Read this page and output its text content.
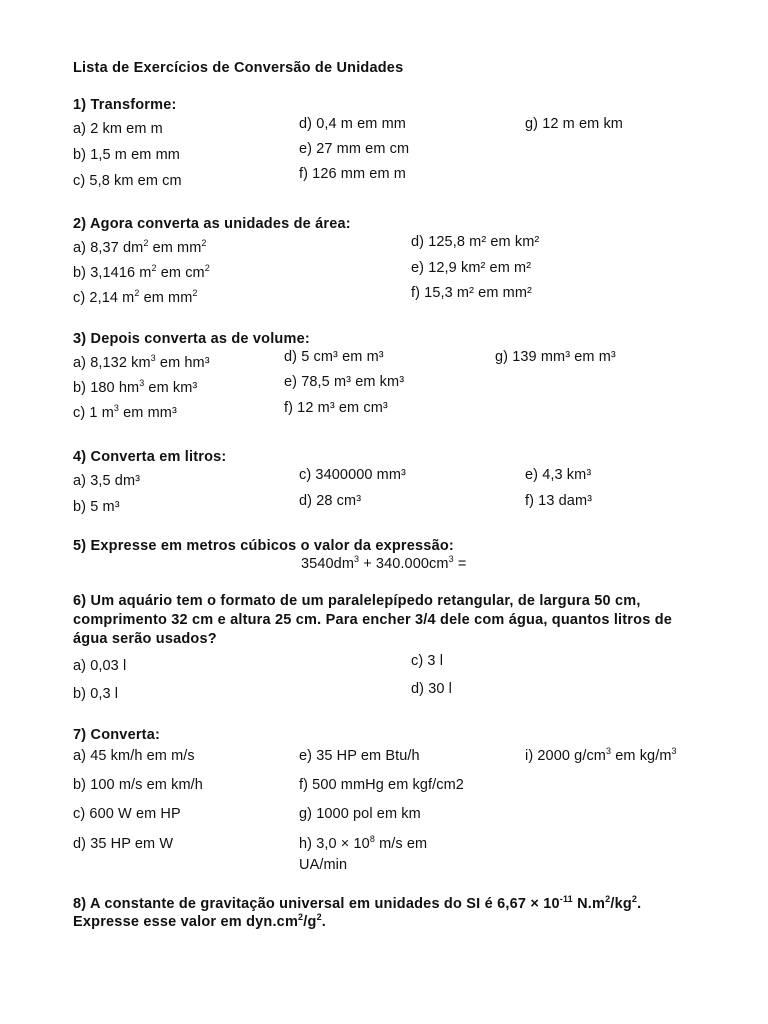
Lista de Exercícios de Conversão de Unidades
1) Transforme:
a) 2 km em m
b) 1,5 m em mm
c) 5,8 km em cm
d) 0,4 m em mm
e) 27 mm em cm
f) 126 mm em m
g) 12 m em km
2) Agora converta as unidades de área:
a) 8,37 $dm^2$ em $mm^2$
b) 3,1416 $m^2$ em $cm^2$
c) 2,14 $m^2$ em $mm^2$
d) 125,8 m² em km²
e) 12,9 km² em m²
f) 15,3 m² em mm²
3) Depois converta as de volume:
a) 8,132 $km^3$ em hm³
b) 180 $hm^3$ em km³
c) 1 $m^3$ em mm³
d) 5 cm³ em m³
e) 78,5 m³ em km³
f) 12 m³ em cm³
g) 139 mm³ em m³
4) Converta em litros:
a) 3,5 dm³
b) 5 m³
c) 3400000 mm³
d) 28 cm³
e) 4,3 km³
f) 13 dam³
5) Expresse em metros cúbicos o valor da expressão:
$3540dm^3 + 340.000cm^3$ =
6) Um aquário tem o formato de um paralelepípedo retangular, de largura 50 cm,
comprimento 32 cm e altura 25 cm. Para encher 3/4 dele com água, quantos litros de
água serão usados?
a) 0,03 l
b) 0,3 l
c) 3 l
d) 30 l
7) Converta:
a) 45 km/h em m/s
b) 100 m/s em km/h
c) 600 W em HP
d) 35 HP em W
e) 35 HP em Btu/h
f) 500 mmHg em kgf/cm2
g) 1000 pol em km
h) $3,0 \times 10^8$ m/s em
UA/min
i) 2000 $g/cm^3$ em $kg/m^3$
8) A constante de gravitação universal em unidades do SI é $6,67 \times 10^{-11}$ $N.m^2/kg^2$.
Expresse esse valor em $dyn.cm^2/g^2$.
